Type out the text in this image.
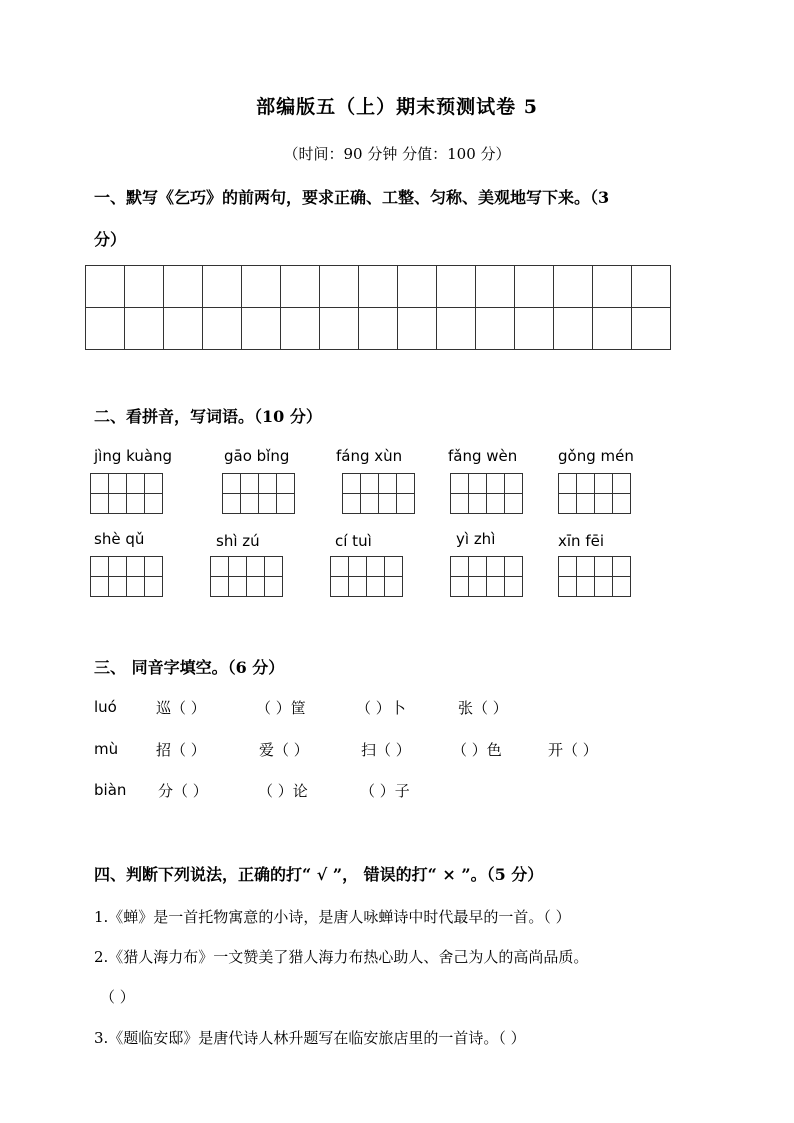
部编版五（上）期末预测试卷 5
（时间：90 分钟 分值：100 分）
一、默写《乞巧》的前两句，要求正确、工整、匀称、美观地写下来。（3
分）

二、看拼音，写词语。（10 分）
jìng kuàng	gāo bǐng	fáng xùn	fǎng wèn	gǒng mén

shè qǔ	shì zú	cí tuì	yì zhì	xīn fēi

三、 同音字填空。（6 分）
luó	巡（ ）	（ ）筐	（ ）卜	张（ ）
mù	招（ ）	爱（ ）	扫（ ）	（ ）色	开（ ）
biàn 分（ ）	（ ）论	（ ）子
四、判断下列说法，正确的打“ √ ”， 错误的打“ × ”。（5 分）
1.《蝉》是一首托物寓意的小诗，是唐人咏蝉诗中时代最早的一首。（ ）
2.《猎人海力布》一文赞美了猎人海力布热心助人、舍己为人的高尚品质。
（ ）
3.《题临安邸》是唐代诗人林升题写在临安旅店里的一首诗。（ ）
